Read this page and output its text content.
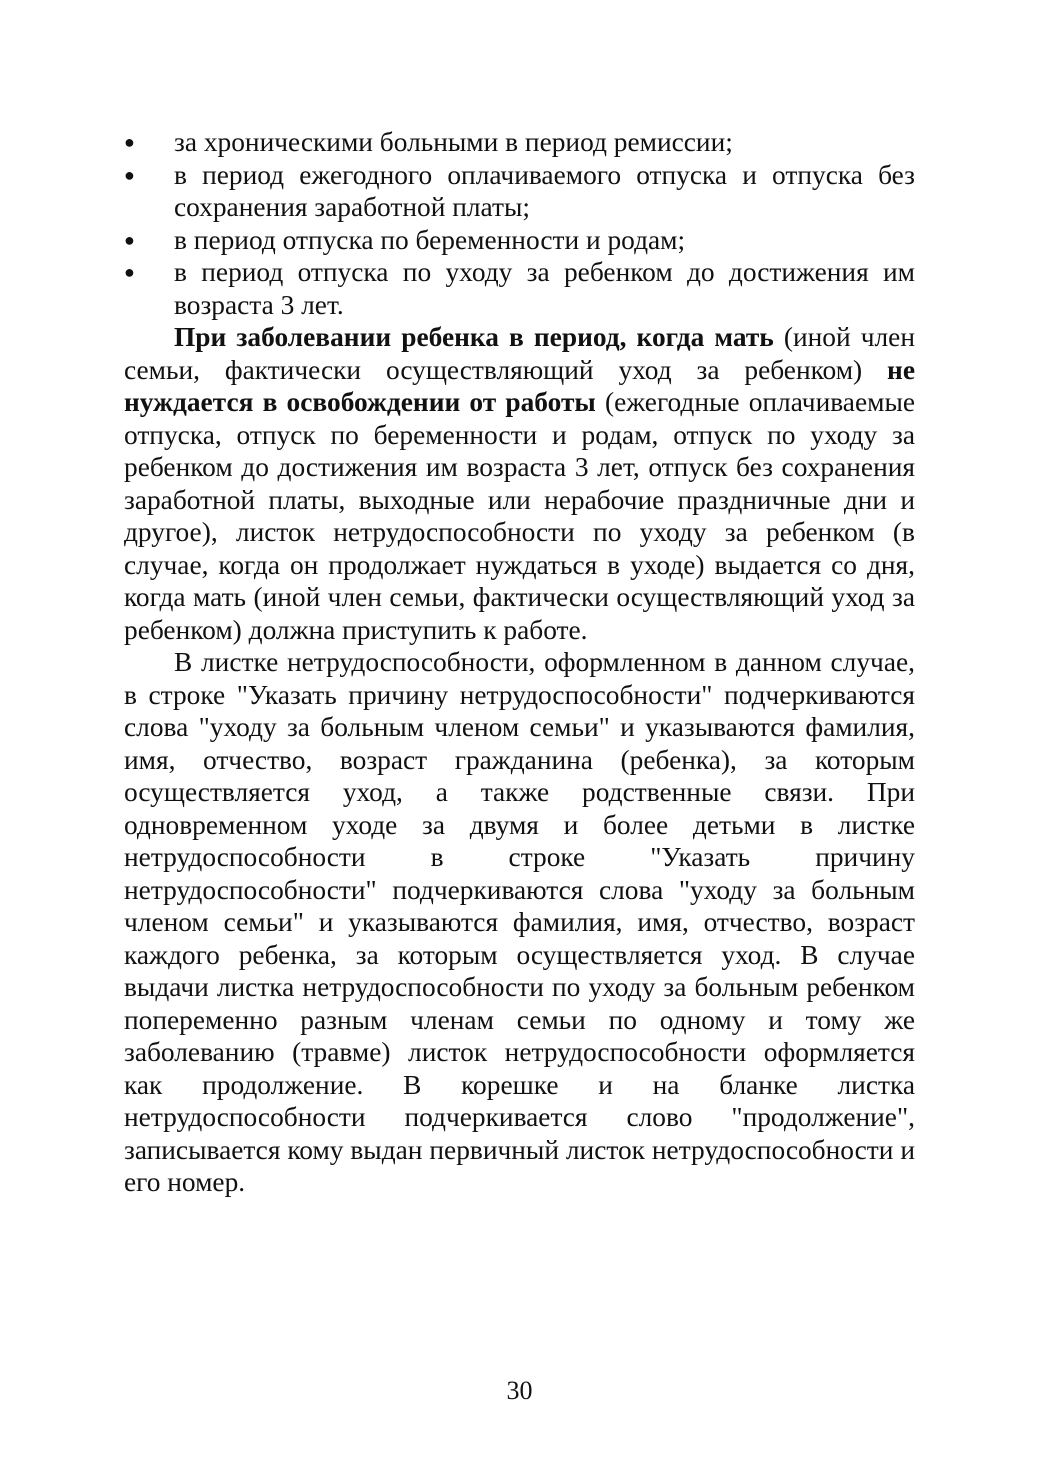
● за хроническими больными в период ремиссии;
● в период ежегодного оплачиваемого отпуска и отпуска без сохранения заработной платы;
● в период отпуска по беременности и родам;
● в период отпуска по уходу за ребенком до достижения им возраста 3 лет.

При заболевании ребенка в период, когда мать (иной член семьи, фактически осуществляющий уход за ребенком) не нуждается в освобождении от работы (ежегодные оплачиваемые отпуска, отпуск по беременности и родам, отпуск по уходу за ребенком до достижения им возраста 3 лет, отпуск без сохранения заработной платы, выходные или нерабочие праздничные дни и другое), листок нетрудоспособности по уходу за ребенком (в случае, когда он продолжает нуждаться в уходе) выдается со дня, когда мать (иной член семьи, фактически осуществляющий уход за ребенком) должна приступить к работе.

В листке нетрудоспособности, оформленном в данном случае, в строке "Указать причину нетрудоспособности" подчеркиваются слова "уходу за больным членом семьи" и указываются фамилия, имя, отчество, возраст гражданина (ребенка), за которым осуществляется уход, а также родственные связи. При одновременном уходе за двумя и более детьми в листке нетрудоспособности в строке "Указать причину нетрудоспособности" подчеркиваются слова "уходу за больным членом семьи" и указываются фамилия, имя, отчество, возраст каждого ребенка, за которым осуществляется уход. В случае выдачи листка нетрудоспособности по уходу за больным ребенком попеременно разным членам семьи по одному и тому же заболеванию (травме) листок нетрудоспособности оформляется как продолжение. В корешке и на бланке листка нетрудоспособности подчеркивается слово "продолжение", записывается кому выдан первичный листок нетрудоспособности и его номер.

30
